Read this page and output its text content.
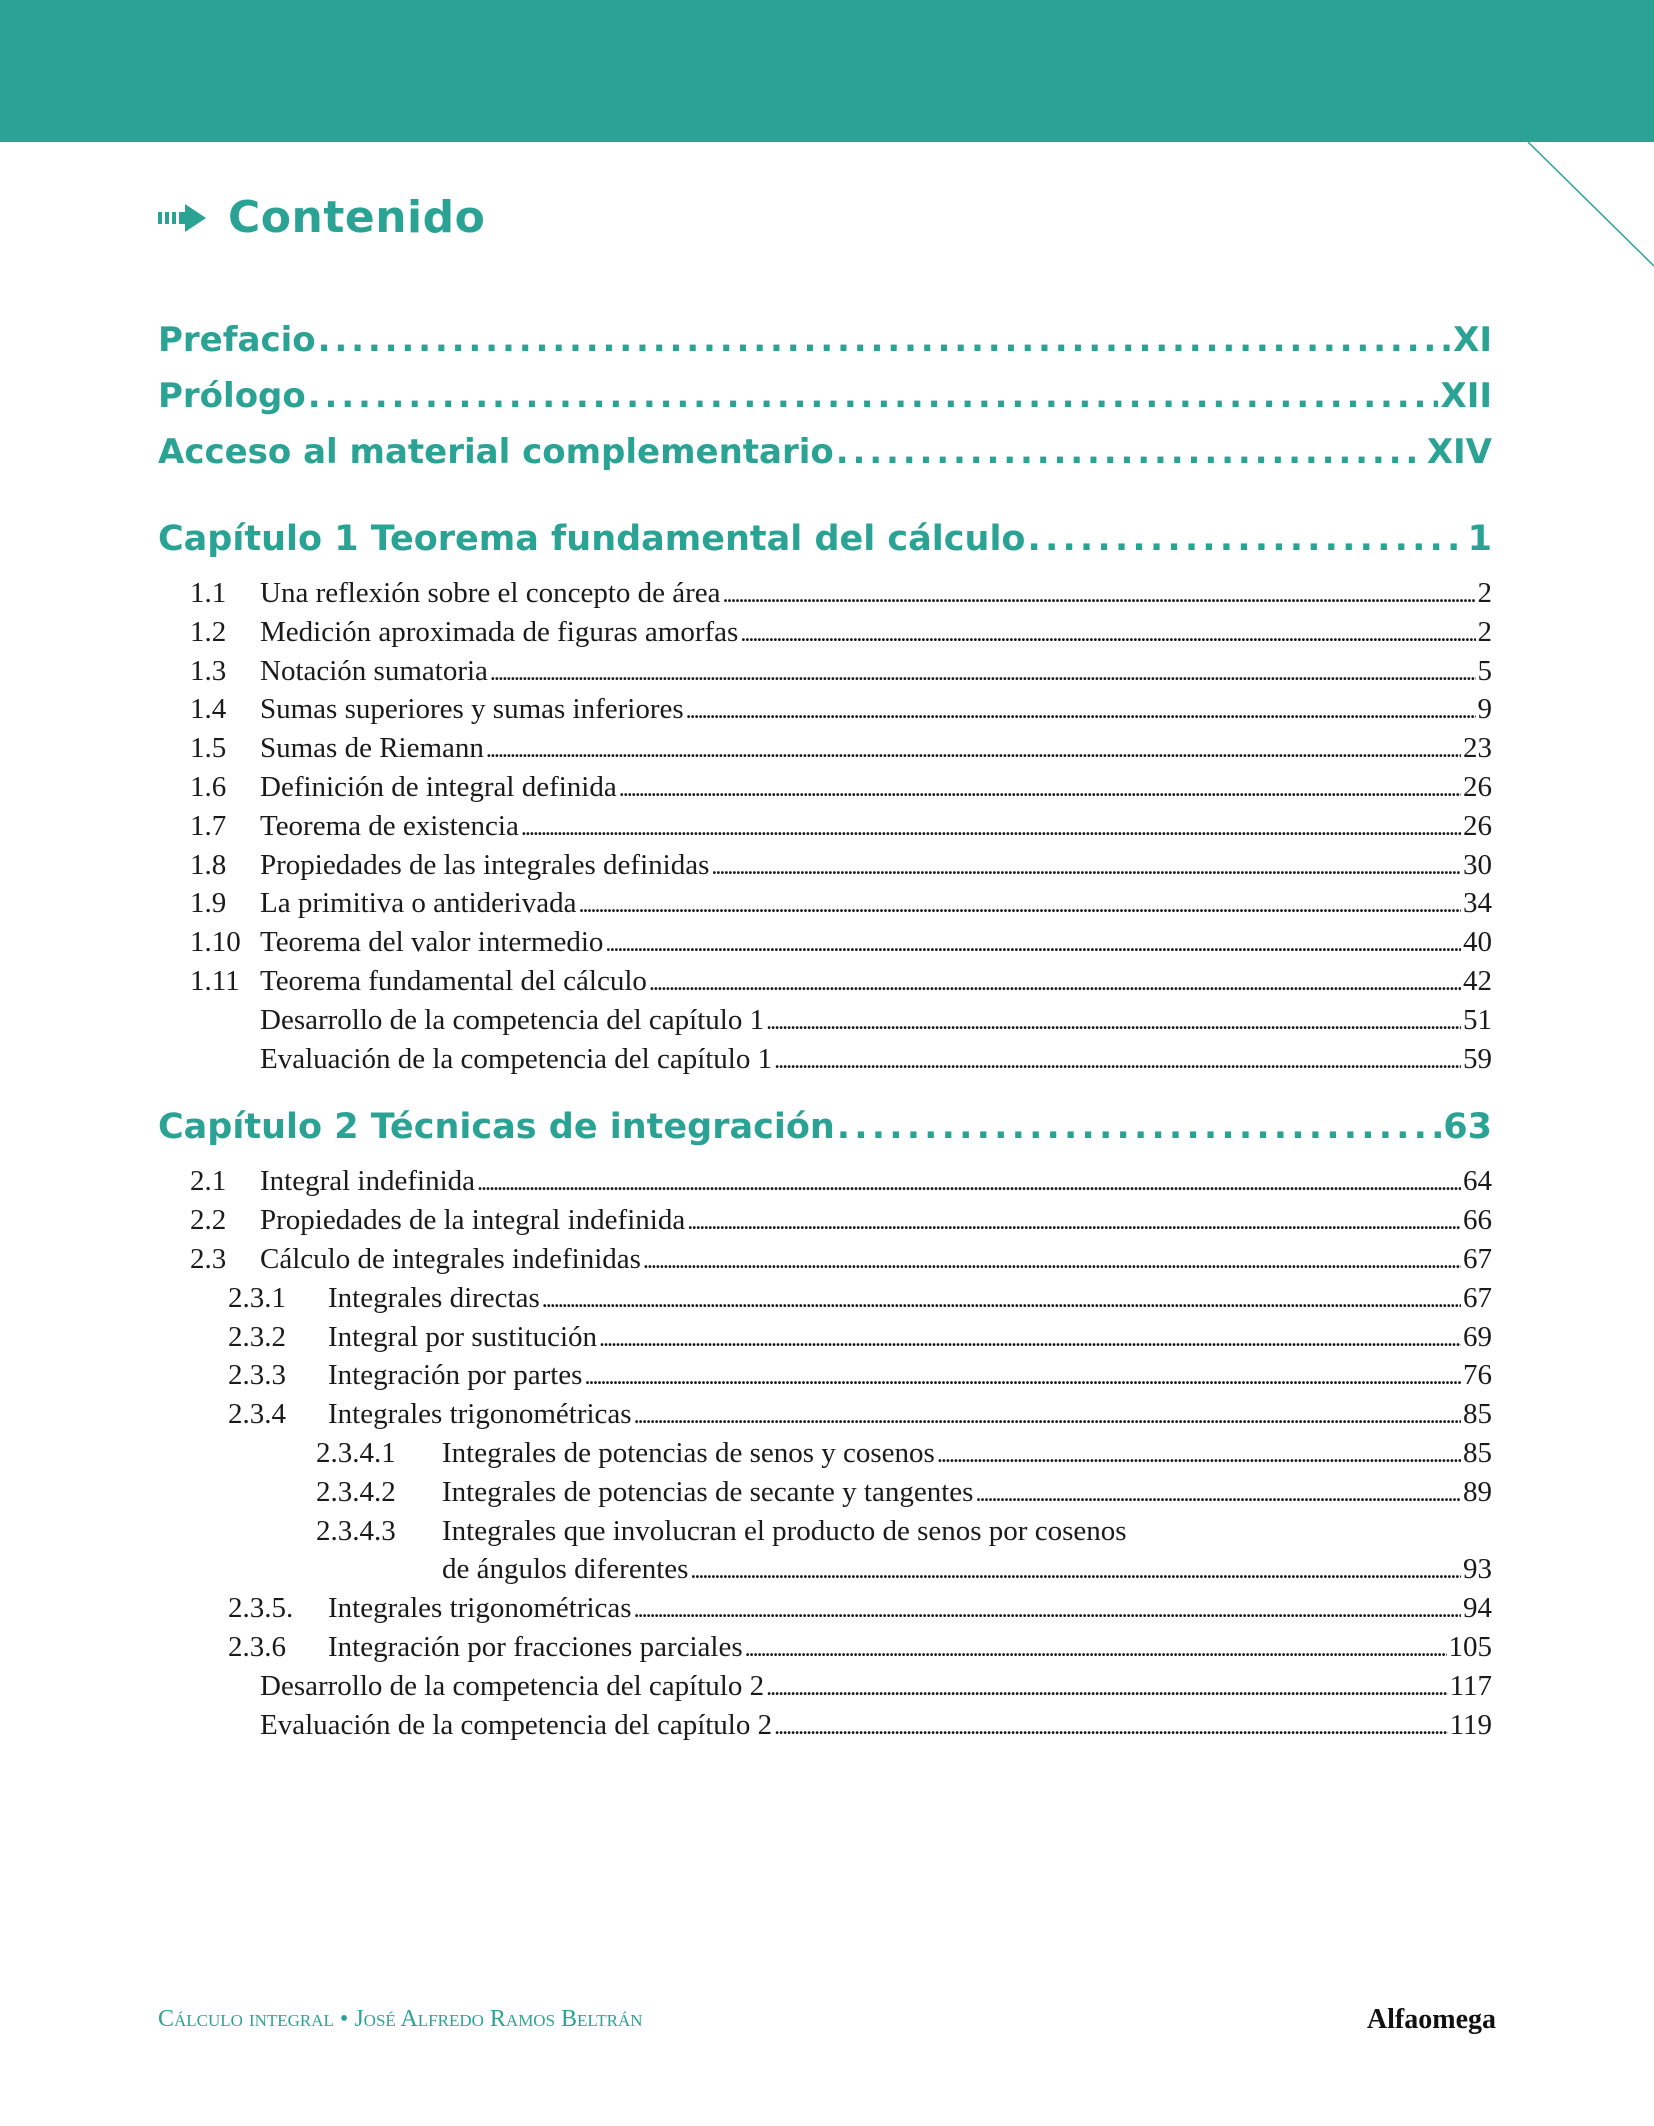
Contenido
Prefacio . . .	XI
Prólogo . . .	XII
Acceso al material complementario . . .	XIV
Capítulo 1 Teorema fundamental del cálculo . . .	1
1.1	Una reflexión sobre el concepto de área . . .	2
1.2	Medición aproximada de figuras amorfas . . .	2
1.3	Notación sumatoria . . .	5
1.4	Sumas superiores y sumas inferiores . . .	9
1.5	Sumas de Riemann . . .	23
1.6	Definición de integral definida . . .	26
1.7	Teorema de existencia . . .	26
1.8	Propiedades de las integrales definidas . . .	30
1.9	La primitiva o antiderivada . . .	34
1.10 Teorema del valor intermedio . . .	40
1.11 Teorema fundamental del cálculo . . .	42
Desarrollo de la competencia del capítulo 1 . . .	51
Evaluación de la competencia del capítulo 1 . . .	59
Capítulo 2 Técnicas de integración . . .	63
2.1	Integral indefinida . . .	64
2.2	Propiedades de la integral indefinida . . .	66
2.3	Cálculo de integrales indefinidas . . .	67
2.3.1	Integrales directas . . .	67
2.3.2	Integral por sustitución . . .	69
2.3.3	Integración por partes . . .	76
2.3.4	Integrales trigonométricas . . .	85
2.3.4.1	Integrales de potencias de senos y cosenos . . .	85
2.3.4.2	Integrales de potencias de secante y tangentes . . .	89
2.3.4.3 Integrales que involucran el producto de senos por cosenos
de ángulos diferentes . . .	93
2.3.5.	Integrales trigonométricas . . .	94
2.3.6	Integración por fracciones parciales . . .	105
Desarrollo de la competencia del capítulo 2 . . .	117
Evaluación de la competencia del capítulo 2 . . .	119
Cálculo integral • José Alfredo Ramos Beltrán	Alfaomega
